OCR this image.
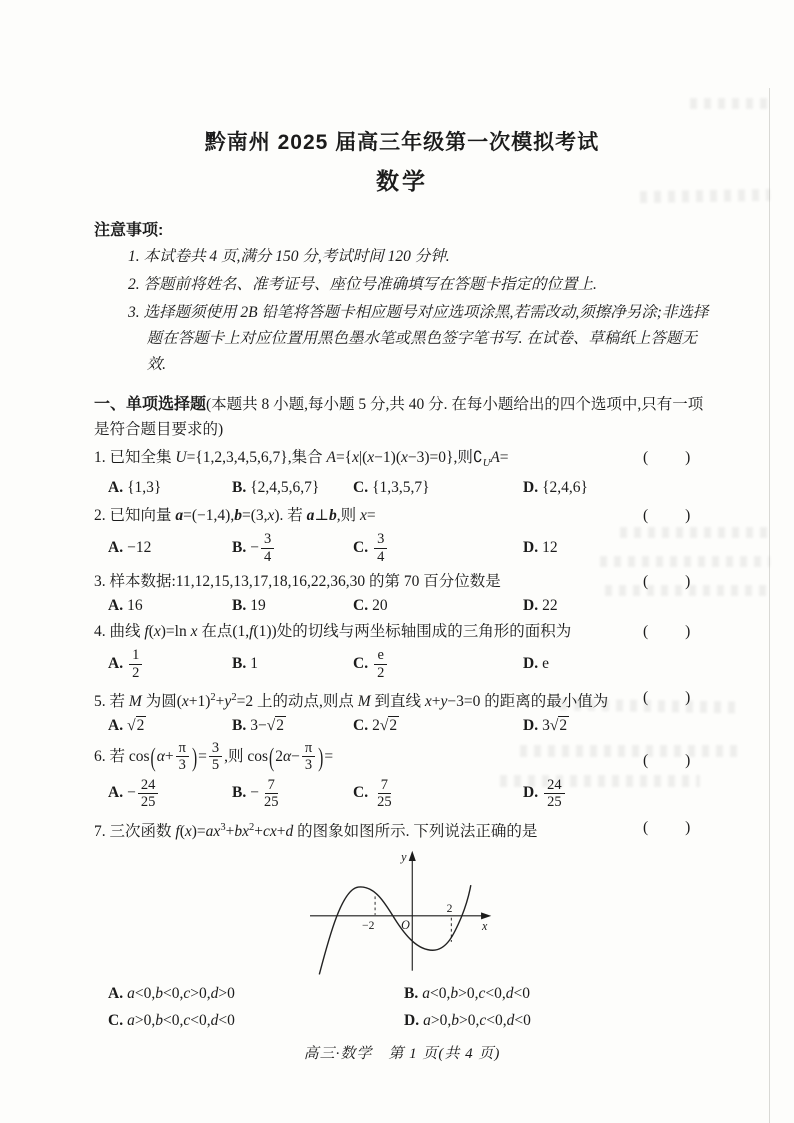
黔南州 2025 届高三年级第一次模拟考试
数学

注意事项:

1. 本试卷共 4 页,满分 150 分,考试时间 120 分钟.

2. 答题前将姓名、准考证号、座位号准确填写在答题卡指定的位置上.

3. 选择题须使用 2B 铅笔将答题卡相应题号对应选项涂黑,若需改动,须擦净另涂;非选择题在答题卡上对应位置用黑色墨水笔或黑色签字笔书写. 在试卷、草稿纸上答题无效.

一、单项选择题(本题共 8 小题,每小题 5 分,共 40 分. 在每小题给出的四个选项中,只有一项是符合题目要求的)

1. 已知全集 U={1,2,3,4,5,6,7},集合 A={x|(x−1)(x−3)=0},则$∁_UA=$	(　　)
A. {1,3}	B. {2,4,5,6,7}	C. {1,3,5,7}	D. {2,4,6}
2. 已知向量 a=(−1,4),b=(3,x). 若 a⊥b,则 x=	(　　)
A. −12	B. − $\frac{3}{4}$	C. $\frac{3}{4}$	D. 12
3. 样本数据:11,12,15,13,17,18,16,22,36,30 的第 70 百分位数是	(　　)
A. 16	B. 19	C. 20	D. 22
4. 曲线 f(x)=ln x 在点(1,f(1))处的切线与两坐标轴围成的三角形的面积为	(　　)
A. $\frac{1}{2}$	B. 1	C. $\frac{e}{2}$	D. e
5. 若 M 为圆$(x+1)^2+y^2=2$ 上的动点,则点 M 到直线 x+y−3=0 的距离的最小值为 (　　)
A. √2	B. 3−√2	C. 2√2	D. 3√2
6. 若 $\cos(\alpha+ \frac{\pi}{3}$ )= $\frac{3}{5}$ ,则 $\cos(2\alpha- \frac{\pi}{3}$ )=	(　　)
A. − $\frac{24}{25}$	B. − $\frac{7}{25}$	C. $\frac{7}{25}$	D. $\frac{24}{25}$
7. 三次函数 $f(x)=ax^3+bx^2+cx+d$ 的图象如图所示. 下列说法正确的是	(　　)
y
x
O
−2
2
A. a<0,b<0,c>0,d>0	B. a<0,b>0,c<0,d<0
C. a>0,b<0,c<0,d<0	D. a>0,b>0,c<0,d<0
高三·数学　第 1 页(共 4 页)
